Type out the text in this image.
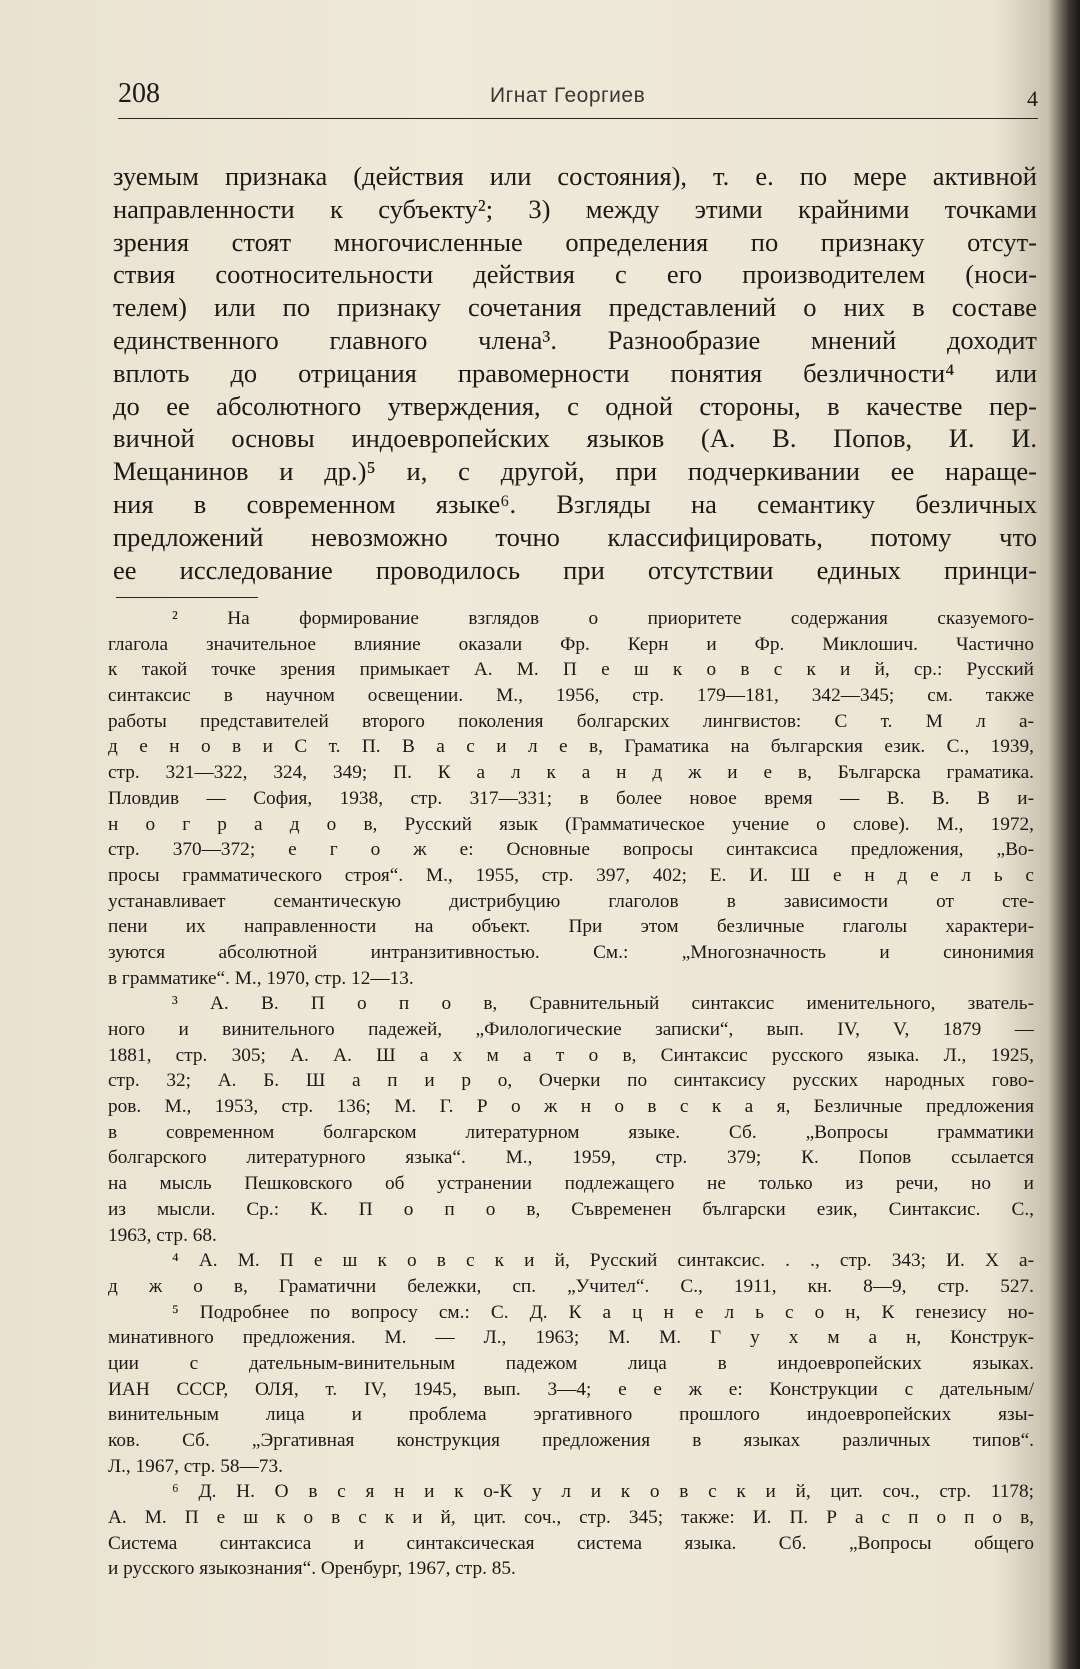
208	Игнат Георгиев	4
зуемым признака (действия или состояния), т. е. по мере активной
направленности к субъекту²; 3) между этими крайними точками
зрения стоят многочисленные определения по признаку отсут-
ствия соотносительности действия с его производителем (носи-
телем) или по признаку сочетания представлений о них в составе
единственного главного члена³. Разнообразие мнений доходит
вплоть до отрицания правомерности понятия безличности⁴ или
до ее абсолютного утверждения, с одной стороны, в качестве пер-
вичной основы индоевропейских языков (А. В. Попов, И. И.
Мещанинов и др.)⁵ и, с другой, при подчеркивании ее нараще-
ния в современном языке⁶. Взгляды на семантику безличных
предложений невозможно точно классифицировать, потому что
ее исследование проводилось при отсутствии единых принци-
² На формирование взглядов о приоритете содержания сказуемого-
глагола значительное влияние оказали Фр. Керн и Фр. Миклошич. Частично
к такой точке зрения примыкает А. М. П е ш к о в с к и й, ср.: Русский
синтаксис в научном освещении. М., 1956, стр. 179—181, 342—345; см. также
работы представителей второго поколения болгарских лингвистов: С т. М л а-
д е н о в и С т. П. В а с и л е в, Граматика на българския език. С., 1939,
стр. 321—322, 324, 349; П. К а л к а н д ж и е в, Българска граматика.
Пловдив — София, 1938, стр. 317—331; в более новое время — В. В. В и-
н о г р а д о в, Русский язык (Грамматическое учение о слове). М., 1972,
стр. 370—372; е г о ж е: Основные вопросы синтаксиса предложения, „Во-
просы грамматического строя“. М., 1955, стр. 397, 402; Е. И. Ш е н д е л ь с
устанавливает семантическую дистрибуцию глаголов в зависимости от сте-
пени их направленности на объект. При этом безличные глаголы характери-
зуются абсолютной интранзитивностью. См.: „Многозначность и синонимия
в грамматике“. М., 1970, стр. 12—13.
³ А. В. П о п о в, Сравнительный синтаксис именительного, зватель-
ного и винительного падежей, „Филологические записки“, вып. IV, V, 1879 —
1881, стр. 305; А. А. Ш а х м а т о в, Синтаксис русского языка. Л., 1925,
стр. 32; А. Б. Ш а п и р о, Очерки по синтаксису русских народных гово-
ров. М., 1953, стр. 136; М. Г. Р о ж н о в с к а я, Безличные предложения
в современном болгарском литературном языке. Сб. „Вопросы грамматики
болгарского литературного языка“. М., 1959, стр. 379; К. Попов ссылается
на мысль Пешковского об устранении подлежащего не только из речи, но и
из мысли. Ср.: К. П о п о в, Съвременен български език, Синтаксис. С.,
1963, стр. 68.
⁴ А. М. П е ш к о в с к и й, Русский синтаксис. . ., стр. 343; И. Х а-
д ж о в, Граматични бележки, сп. „Учител“. С., 1911, кн. 8—9, стр. 527.
⁵ Подробнее по вопросу см.: С. Д. К а ц н е л ь с о н, К генезису но-
минативного предложения. М. — Л., 1963; М. М. Г у х м а н, Конструк-
ции с дательным-винительным падежом лица в индоевропейских языках.
ИАН СССР, ОЛЯ, т. IV, 1945, вып. 3—4; е е ж е: Конструкции с дательным/
винительным лица и проблема эргативного прошлого индоевропейских язы-
ков. Сб. „Эргативная конструкция предложения в языках различных типов“.
Л., 1967, стр. 58—73.
⁶ Д. Н. О в с я н и к о-К у л и к о в с к и й, цит. соч., стр. 1178;
А. М. П е ш к о в с к и й, цит. соч., стр. 345; также: И. П. Р а с п о п о в,
Система синтаксиса и синтаксическая система языка. Сб. „Вопросы общего
и русского языкознания“. Оренбург, 1967, стр. 85.
